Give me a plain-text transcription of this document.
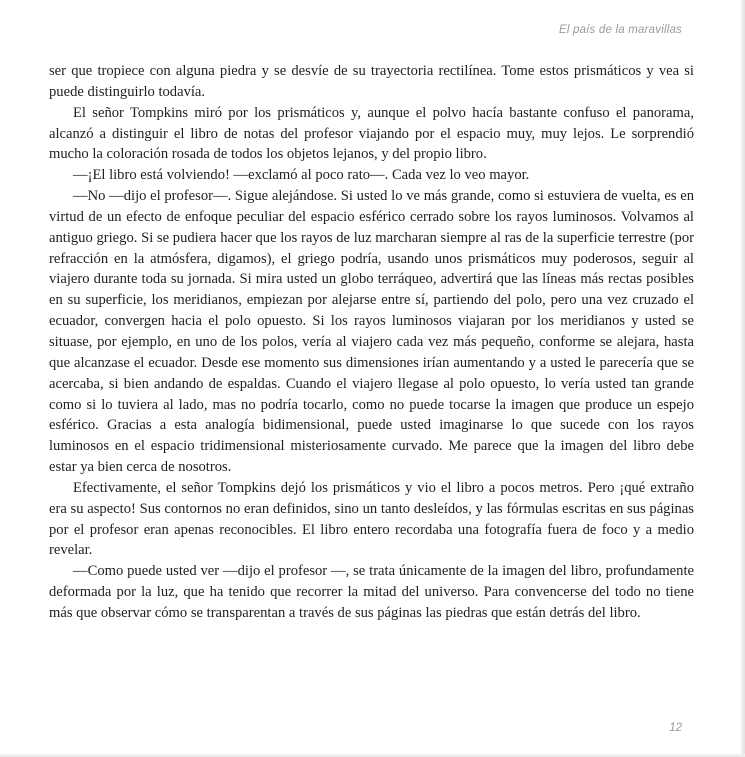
El país de la maravillas

ser que tropiece con alguna piedra y se desvíe de su trayectoria rectilínea. Tome estos prismáticos y vea si puede distinguirlo todavía.

El señor Tompkins miró por los prismáticos y, aunque el polvo hacía bastante confuso el panorama, alcanzó a distinguir el libro de notas del profesor viajando por el espacio muy, muy lejos. Le sorprendió mucho la coloración rosada de todos los objetos lejanos, y del propio libro.

—¡El libro está volviendo! —exclamó al poco rato—. Cada vez lo veo mayor.

—No —dijo el profesor—. Sigue alejándose. Si usted lo ve más grande, como si estuviera de vuelta, es en virtud de un efecto de enfoque peculiar del espacio esférico cerrado sobre los rayos luminosos. Volvamos al antiguo griego. Si se pudiera hacer que los rayos de luz marcharan siempre al ras de la superficie terrestre (por refracción en la atmósfera, digamos), el griego podría, usando unos prismáticos muy poderosos, seguir al viajero durante toda su jornada. Si mira usted un globo terráqueo, advertirá que las líneas más rectas posibles en su superficie, los meridianos, empiezan por alejarse entre sí, partiendo del polo, pero una vez cruzado el ecuador, convergen hacia el polo opuesto. Si los rayos luminosos viajaran por los meridianos y usted se situase, por ejemplo, en uno de los polos, vería al viajero cada vez más pequeño, conforme se alejara, hasta que alcanzase el ecuador. Desde ese momento sus dimensiones irían aumentando y a usted le parecería que se acercaba, si bien andando de espaldas. Cuando el viajero llegase al polo opuesto, lo vería usted tan grande como si lo tuviera al lado, mas no podría tocarlo, como no puede tocarse la imagen que produce un espejo esférico. Gracias a esta analogía bidimensional, puede usted imaginarse lo que sucede con los rayos luminosos en el espacio tridimensional misteriosamente curvado. Me parece que la imagen del libro debe estar ya bien cerca de nosotros.

Efectivamente, el señor Tompkins dejó los prismáticos y vio el libro a pocos metros. Pero ¡qué extraño era su aspecto! Sus contornos no eran definidos, sino un tanto desleídos, y las fórmulas escritas en sus páginas por el profesor eran apenas reconocibles. El libro entero recordaba una fotografía fuera de foco y a medio revelar.

—Como puede usted ver —dijo el profesor —, se trata únicamente de la imagen del libro, profundamente deformada por la luz, que ha tenido que recorrer la mitad del universo. Para convencerse del todo no tiene más que observar cómo se transparentan a través de sus páginas las piedras que están detrás del libro.

12
